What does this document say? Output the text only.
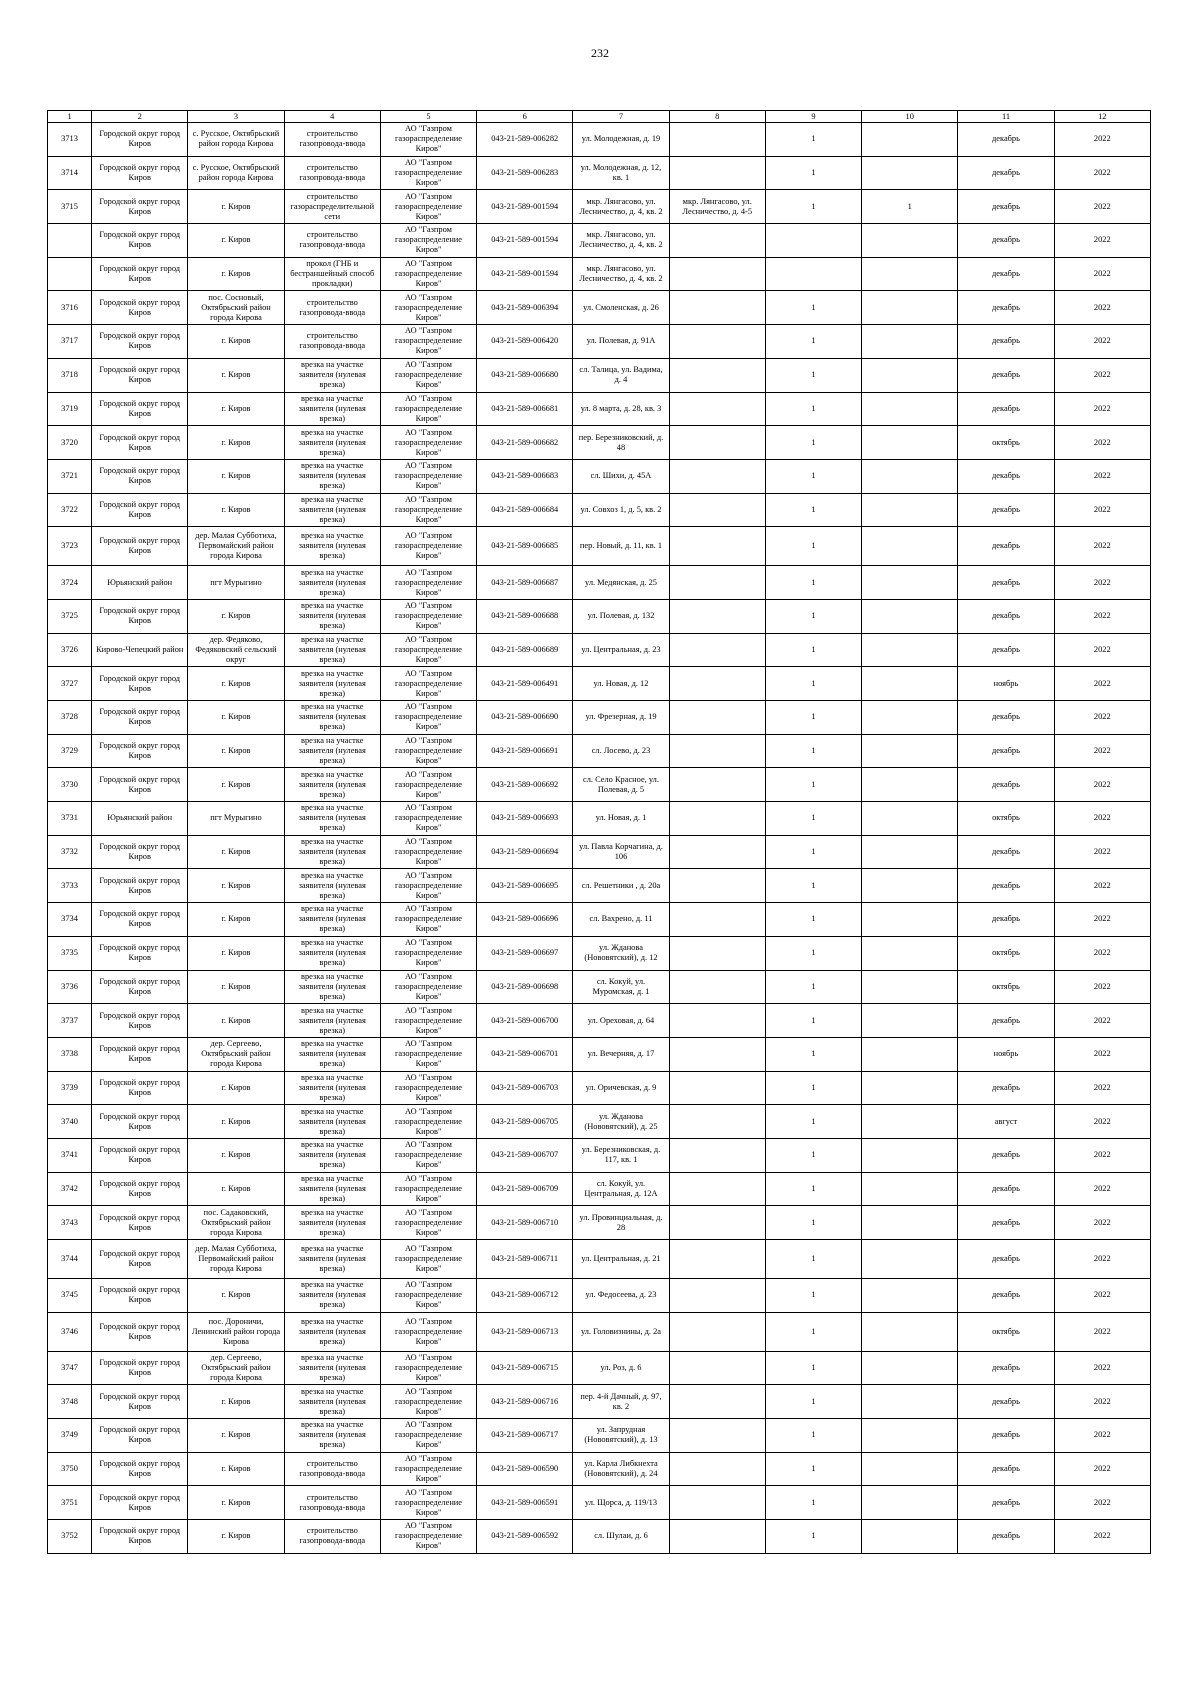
232
1	2	3	4	5	6	7	8	9	10	11	12
3713	Городской округ город Киров	с. Русское, Октябрьский район города Кирова	строительство газопровода-ввода	АО "Газпром газораспределение Киров"	043-21-589-006282	ул. Молодежная, д. 19		1		декабрь	2022
3714	Городской округ город Киров	с. Русское, Октябрьский район города Кирова	строительство газопровода-ввода	АО "Газпром газораспределение Киров"	043-21-589-006283	ул. Молодежная, д. 12, кв. 1		1		декабрь	2022
3715	Городской округ город Киров	г. Киров	строительство газораспределительной сети	АО "Газпром газораспределение Киров"	043-21-589-001594	мкр. Лянгасово, ул. Лесничество, д. 4, кв. 2	мкр. Лянгасово, ул. Лесничество, д. 4-5	1	1	декабрь	2022
	Городской округ город Киров	г. Киров	строительство газопровода-ввода	АО "Газпром газораспределение Киров"	043-21-589-001594	мкр. Лянгасово, ул. Лесничество, д. 4, кв. 2				декабрь	2022
	Городской округ город Киров	г. Киров	прокол (ГНБ и бестраншейный способ прокладки)	АО "Газпром газораспределение Киров"	043-21-589-001594	мкр. Лянгасово, ул. Лесничество, д. 4, кв. 2				декабрь	2022
3716	Городской округ город Киров	пос. Сосновый, Октябрьский район города Кирова	строительство газопровода-ввода	АО "Газпром газораспределение Киров"	043-21-589-006394	ул. Смоленская, д. 26		1		декабрь	2022
3717	Городской округ город Киров	г. Киров	строительство газопровода-ввода	АО "Газпром газораспределение Киров"	043-21-589-006420	ул. Полевая, д. 91А		1		декабрь	2022
3718	Городской округ город Киров	г. Киров	врезка на участке заявителя (нулевая врезка)	АО "Газпром газораспределение Киров"	043-21-589-006680	сл. Талица, ул. Вадима, д. 4		1		декабрь	2022
3719	Городской округ город Киров	г. Киров	врезка на участке заявителя (нулевая врезка)	АО "Газпром газораспределение Киров"	043-21-589-006681	ул. 8 марта, д. 28, кв. 3		1		декабрь	2022
3720	Городской округ город Киров	г. Киров	врезка на участке заявителя (нулевая врезка)	АО "Газпром газораспределение Киров"	043-21-589-006682	пер. Березниковский, д. 48		1		октябрь	2022
3721	Городской округ город Киров	г. Киров	врезка на участке заявителя (нулевая врезка)	АО "Газпром газораспределение Киров"	043-21-589-006683	сл. Шихи, д. 45А		1		декабрь	2022
3722	Городской округ город Киров	г. Киров	врезка на участке заявителя (нулевая врезка)	АО "Газпром газораспределение Киров"	043-21-589-006684	ул. Совхоз 1, д. 5, кв. 2		1		декабрь	2022
3723	Городской округ город Киров	дер. Малая Субботиха, Первомайский район города Кирова	врезка на участке заявителя (нулевая врезка)	АО "Газпром газораспределение Киров"	043-21-589-006685	пер. Новый, д. 11, кв. 1		1		декабрь	2022
3724	Юрьянский район	пгт Мурыгино	врезка на участке заявителя (нулевая врезка)	АО "Газпром газораспределение Киров"	043-21-589-006687	ул. Медянская, д. 25		1		декабрь	2022
3725	Городской округ город Киров	г. Киров	врезка на участке заявителя (нулевая врезка)	АО "Газпром газораспределение Киров"	043-21-589-006688	ул. Полевая, д. 132		1		декабрь	2022
3726	Кирово-Чепецкий район	дер. Федяково, Федяковский сельский округ	врезка на участке заявителя (нулевая врезка)	АО "Газпром газораспределение Киров"	043-21-589-006689	ул. Центральная, д. 23		1		декабрь	2022
3727	Городской округ город Киров	г. Киров	врезка на участке заявителя (нулевая врезка)	АО "Газпром газораспределение Киров"	043-21-589-006491	ул. Новая, д. 12		1		ноябрь	2022
3728	Городской округ город Киров	г. Киров	врезка на участке заявителя (нулевая врезка)	АО "Газпром газораспределение Киров"	043-21-589-006690	ул. Фрезерная, д. 19		1		декабрь	2022
3729	Городской округ город Киров	г. Киров	врезка на участке заявителя (нулевая врезка)	АО "Газпром газораспределение Киров"	043-21-589-006691	сл. Лосево, д. 23		1		декабрь	2022
3730	Городской округ город Киров	г. Киров	врезка на участке заявителя (нулевая врезка)	АО "Газпром газораспределение Киров"	043-21-589-006692	сл. Село Красное, ул. Полевая, д. 5		1		декабрь	2022
3731	Юрьянский район	пгт Мурыгино	врезка на участке заявителя (нулевая врезка)	АО "Газпром газораспределение Киров"	043-21-589-006693	ул. Новая, д. 1		1		октябрь	2022
3732	Городской округ город Киров	г. Киров	врезка на участке заявителя (нулевая врезка)	АО "Газпром газораспределение Киров"	043-21-589-006694	ул. Павла Корчагина, д. 106		1		декабрь	2022
3733	Городской округ город Киров	г. Киров	врезка на участке заявителя (нулевая врезка)	АО "Газпром газораспределение Киров"	043-21-589-006695	сл. Решетники , д. 20а		1		декабрь	2022
3734	Городской округ город Киров	г. Киров	врезка на участке заявителя (нулевая врезка)	АО "Газпром газораспределение Киров"	043-21-589-006696	сл. Вахрено, д. 11		1		декабрь	2022
3735	Городской округ город Киров	г. Киров	врезка на участке заявителя (нулевая врезка)	АО "Газпром газораспределение Киров"	043-21-589-006697	ул. Жданова (Нововятский), д. 12		1		октябрь	2022
3736	Городской округ город Киров	г. Киров	врезка на участке заявителя (нулевая врезка)	АО "Газпром газораспределение Киров"	043-21-589-006698	сл. Кокуй, ул. Муромская, д. 1		1		октябрь	2022
3737	Городской округ город Киров	г. Киров	врезка на участке заявителя (нулевая врезка)	АО "Газпром газораспределение Киров"	043-21-589-006700	ул. Ореховая, д. 64		1		декабрь	2022
3738	Городской округ город Киров	дер. Сергеево, Октябрьский район города Кирова	врезка на участке заявителя (нулевая врезка)	АО "Газпром газораспределение Киров"	043-21-589-006701	ул. Вечерняя, д. 17		1		ноябрь	2022
3739	Городской округ город Киров	г. Киров	врезка на участке заявителя (нулевая врезка)	АО "Газпром газораспределение Киров"	043-21-589-006703	ул. Оричевская, д. 9		1		декабрь	2022
3740	Городской округ город Киров	г. Киров	врезка на участке заявителя (нулевая врезка)	АО "Газпром газораспределение Киров"	043-21-589-006705	ул. Жданова (Нововятский), д. 25		1		август	2022
3741	Городской округ город Киров	г. Киров	врезка на участке заявителя (нулевая врезка)	АО "Газпром газораспределение Киров"	043-21-589-006707	ул. Березниковская, д. 117, кв. 1		1		декабрь	2022
3742	Городской округ город Киров	г. Киров	врезка на участке заявителя (нулевая врезка)	АО "Газпром газораспределение Киров"	043-21-589-006709	сл. Кокуй, ул. Центральная, д. 12А		1		декабрь	2022
3743	Городской округ город Киров	пос. Садаковский, Октябрьский район города Кирова	врезка на участке заявителя (нулевая врезка)	АО "Газпром газораспределение Киров"	043-21-589-006710	ул. Провинциальная, д. 28		1		декабрь	2022
3744	Городской округ город Киров	дер. Малая Субботиха, Первомайский район города Кирова	врезка на участке заявителя (нулевая врезка)	АО "Газпром газораспределение Киров"	043-21-589-006711	ул. Центральная, д. 21		1		декабрь	2022
3745	Городской округ город Киров	г. Киров	врезка на участке заявителя (нулевая врезка)	АО "Газпром газораспределение Киров"	043-21-589-006712	ул. Федосеева, д. 23		1		декабрь	2022
3746	Городской округ город Киров	пос. Дороничи, Ленинский район города Кирова	врезка на участке заявителя (нулевая врезка)	АО "Газпром газораспределение Киров"	043-21-589-006713	ул. Головизнины, д. 2а		1		октябрь	2022
3747	Городской округ город Киров	дер. Сергеево, Октябрьский район города Кирова	врезка на участке заявителя (нулевая врезка)	АО "Газпром газораспределение Киров"	043-21-589-006715	ул. Роз, д. 6		1		декабрь	2022
3748	Городской округ город Киров	г. Киров	врезка на участке заявителя (нулевая врезка)	АО "Газпром газораспределение Киров"	043-21-589-006716	пер. 4-й Дачный, д. 97, кв. 2		1		декабрь	2022
3749	Городской округ город Киров	г. Киров	врезка на участке заявителя (нулевая врезка)	АО "Газпром газораспределение Киров"	043-21-589-006717	ул. Запрудная (Нововятский), д. 13		1		декабрь	2022
3750	Городской округ город Киров	г. Киров	строительство газопровода-ввода	АО "Газпром газораспределение Киров"	043-21-589-006590	ул. Карла Либкнехта (Нововятский), д. 24		1		декабрь	2022
3751	Городской округ город Киров	г. Киров	строительство газопровода-ввода	АО "Газпром газораспределение Киров"	043-21-589-006591	ул. Щорса, д. 119/13		1		декабрь	2022
3752	Городской округ город Киров	г. Киров	строительство газопровода-ввода	АО "Газпром газораспределение Киров"	043-21-589-006592	сл. Шулаи, д. 6		1		декабрь	2022
